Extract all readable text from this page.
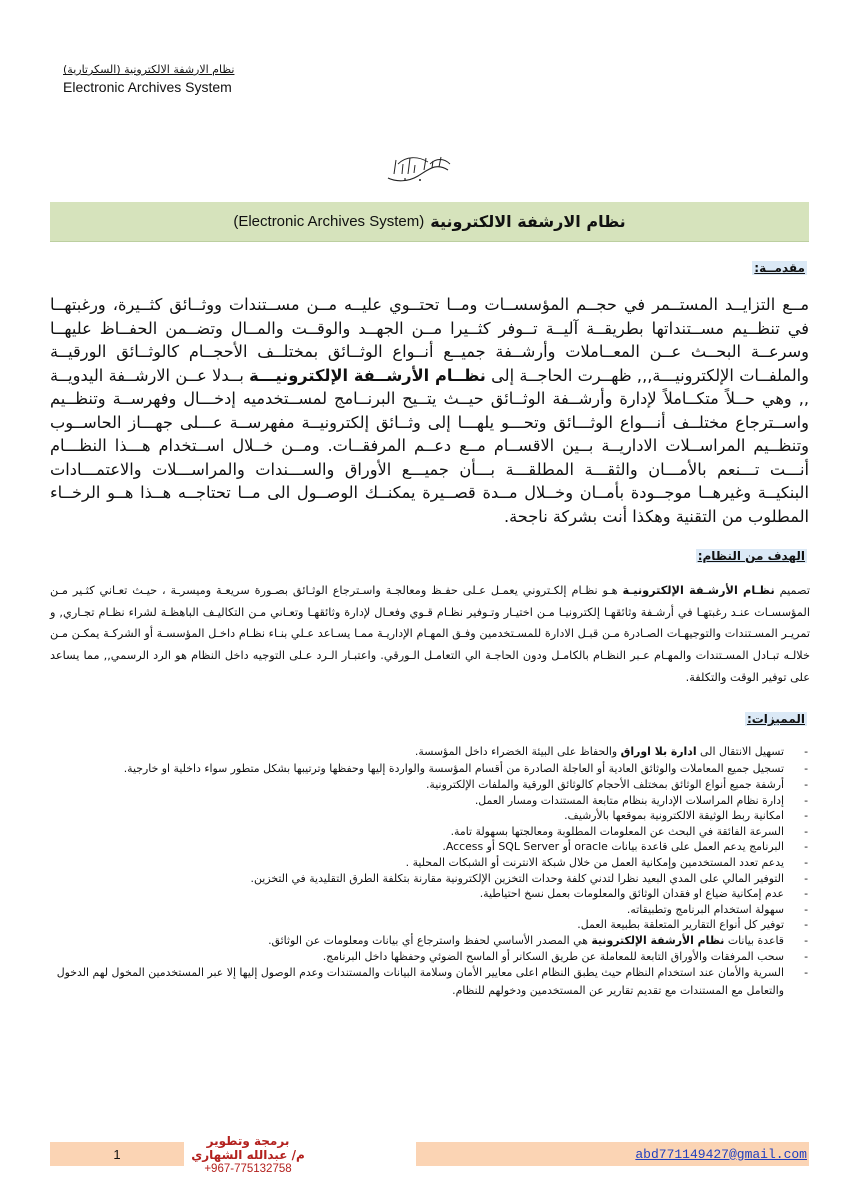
نظام الارشفة الالكترونية (السكرتارية)
Electronic Archives System
نظام الارشفة الالكترونية
(Electronic Archives System)
مقدمــة:

مــع التزايــد المستــمر في حجــم المؤسســات ومــا تحتــوي عليــه مــن مســتندات ووثــائق كثــيرة، ورغبتهــا في تنظــيم مســتنداتها بطريقــة آليــة تــوفر كثــيرا مــن الجهــد والوقــت والمــال وتضــمن الحفــاظ عليهــا وسرعــة البحــث عــن المعــاملات وأرشــفة جميــع أنــواع الوثــائق بمختلــف الأحجــام كالوثــائق الورقيــة والملفــات الإلكترونيـــة,,, ظهــرت الحاجــة إلى نظــام الأرشــفة الإلكترونيـــة بــدلا عــن الارشــفة اليدويــة ,, وهي حــلاً متكــاملاً لإدارة وأرشــفة الوثــائق حيــث يتــيح البرنــامج لمســتخدميه إدخـــال وفهرســة وتنظــيم واســترجاع مختلــف أنـــواع الوثـــائق وتحـــو يلهـــا إلى وثــائق إلكترونيــة مفهرســة عـــلى جهـــاز الحاســوب وتنظــيم المراســلات الاداريــة بــين الاقســام مــع دعــم المرفقــات. ومــن خــلال اســتخدام هـــذا النظـــام أنـــت تـــنعم بالأمـــان والثقـــة المطلقـــة بـــأن جميـــع الأوراق والســـندات والمراســـلات والاعتمـــادات البنكيــة وغيرهــا موجــودة بأمــان وخــلال مــدة قصــيرة يمكنــك الوصــول الى مــا تحتاجــه هــذا هــو الرخــاء المطلوب من التقنية وهكذا أنت بشركة ناجحة.

الهدف من النظام:

تصميم نظـام الأرشـفة الإلكترونيـة هـو نظـام إلكـتروني يعمـل عـلى حفـظ ومعالجـة واسـترجاع الوثـائق بصـورة سريعـة وميسرـة ، حيـث تعـاني كثـير مـن المؤسسـات عنـد رغبتهـا في أرشـفة وثائقهـا إلكترونيـا مـن اختيـار وتـوفير نظـام قـوي وفعـال لإدارة وثائقهـا وتعـاني مـن التكاليـف الباهظـة لشراء نظـام تجـاري, و تمريـر المسـتندات والتوجيهـات الصـادرة مـن قبـل الادارة للمسـتخدمين وفـق المهـام الإداريـة ممـا يسـاعد عـلي بنـاء نظـام داخـل المؤسسـة أو الشركـة يمكـن مـن خلالـه تبـادل المسـتندات والمهـام عـبر النظـام بالكامـل ودون الحاجـة الي التعامـل الـورقي. واعتبـار الـرد عـلى التوجيه داخل النظام هو الرد الرسمي,, مما يساعد على توفير الوقت والتكلفة.

المميزات:
-
تسهيل الانتقال الى ادارة بلا اوراق والحفاظ على البيئة الخضراء داخل المؤسسة.
-
تسجيل جميع المعاملات والوثائق العادية أو العاجلة الصادرة من أقسام المؤسسة والواردة إليها وحفظها وترتيبها بشكل متطور سواء داخلية او خارجية.
-
أرشفة جميع أنواع الوثائق بمختلف الأحجام كالوثائق الورقية والملفات الإلكترونية.
-
إدارة نظام المراسلات الإدارية بنظام متابعة المستندات ومسار العمل.
-
امكانية ربط الوثيقة الالكترونية بموقعها بالأرشيف.
-
السرعة الفائقة في البحث عن المعلومات المطلوبة ومعالجتها بسهولة تامة.
-
البرنامج يدعم العمل على قاعدة بيانات oracle أو SQL Server أو Access.
-
يدعم تعدد المستخدمين وإمكانية العمل من خلال شبكة الانترنت أو الشبكات المحلية .
-
التوفير المالي على المدي البعيد نظرا لتدني كلفة وحدات التخزين الإلكترونية مقارنة بتكلفة الطرق التقليدية في التخزين.
-
عدم إمكانية ضياع او فقدان الوثائق والمعلومات بعمل نسخ احتياطية.
-
سهولة استخدام البرنامج وتطبيقاته.
-
توفير كل أنواع التقارير المتعلقة بطبيعة العمل.
-
قاعدة بيانات نظام الأرشفة الإلكترونية هي المصدر الأساسي لحفظ واسترجاع أي بيانات ومعلومات عن الوثائق.
-
سحب المرفقات والأوراق التابعة للمعاملة عن طريق السكانر أو الماسح الضوئي وحفظها داخل البرنامج.
-
السرية والأمان عند استخدام النظام حيث يطبق النظام اعلى معايير الأمان وسلامة البيانات والمستندات وعدم الوصول إليها إلا عبر المستخدمين المخول لهم الدخول والتعامل مع المستندات مع تقديم تقارير عن المستخدمين ودخولهم للنظام.
1
برمجة وتطوير
م/ عبدالله الشهاري
+967-775132758
abd771149427@gmail.com
